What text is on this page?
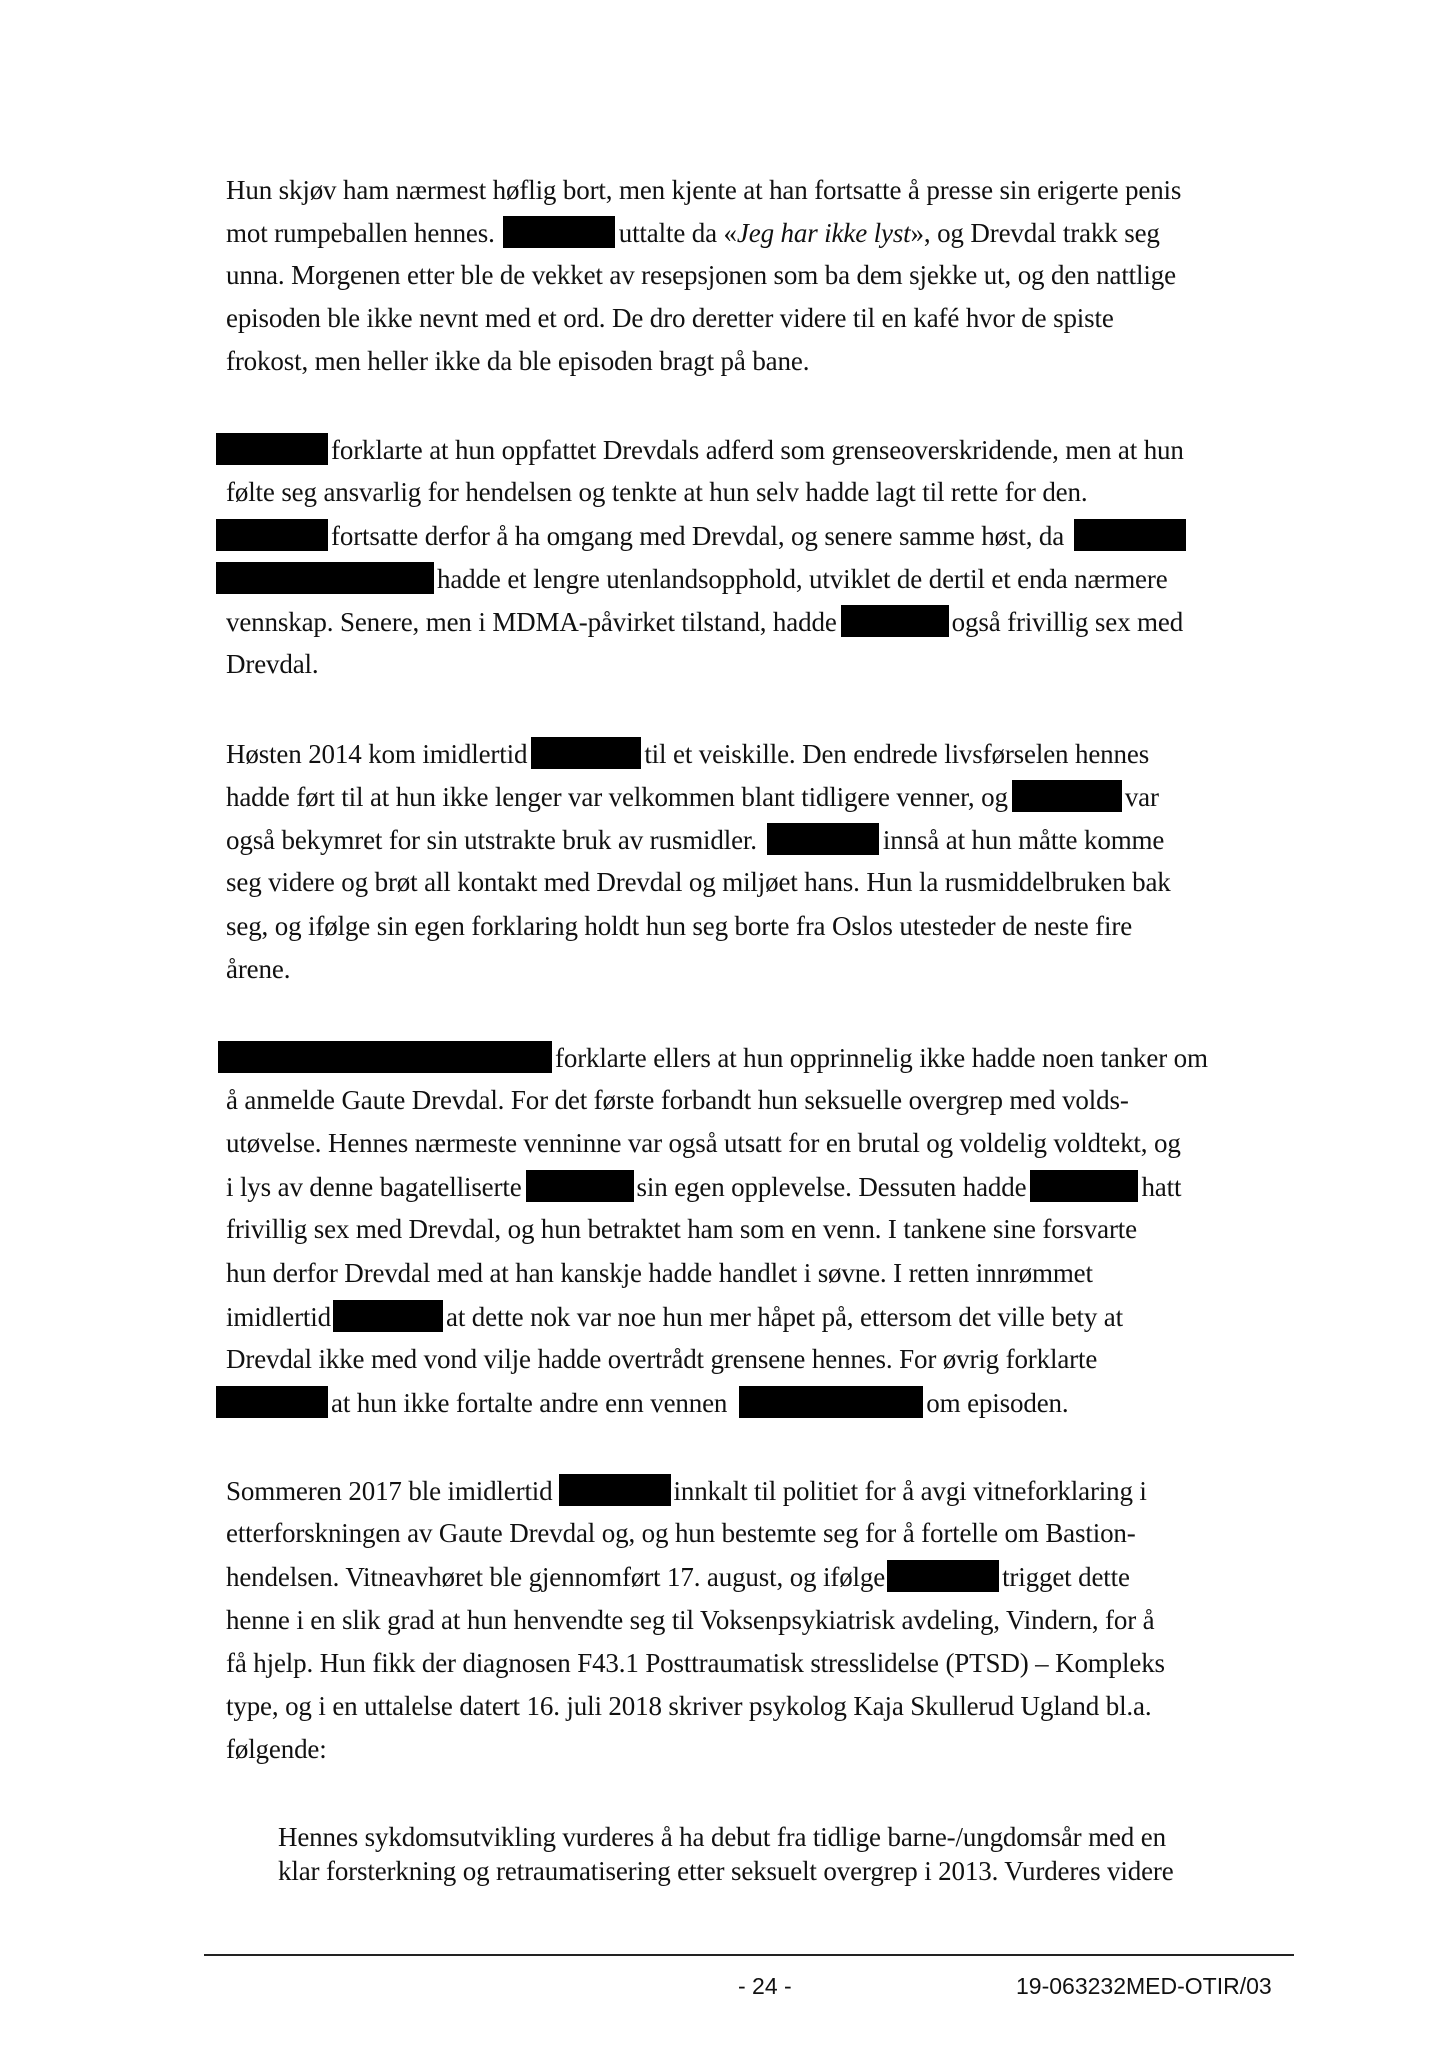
Hun skjøv ham nærmest høflig bort, men kjente at han fortsatte å presse sin erigerte penis
mot rumpeballen hennes.	uttalte da «Jeg har ikke lyst», og Drevdal trakk seg
unna. Morgenen etter ble de vekket av resepsjonen som ba dem sjekke ut, og den nattlige
episoden ble ikke nevnt med et ord. De dro deretter videre til en kafé hvor de spiste
frokost, men heller ikke da ble episoden bragt på bane.
forklarte at hun oppfattet Drevdals adferd som grenseoverskridende, men at hun
følte seg ansvarlig for hendelsen og tenkte at hun selv hadde lagt til rette for den.
fortsatte derfor å ha omgang med Drevdal, og senere samme høst, da
hadde et lengre utenlandsopphold, utviklet de dertil et enda nærmere
vennskap. Senere, men i MDMA-påvirket tilstand, hadde	også frivillig sex med
Drevdal.
Høsten 2014 kom imidlertid	til et veiskille. Den endrede livsførselen hennes
hadde ført til at hun ikke lenger var velkommen blant tidligere venner, og	var
også bekymret for sin utstrakte bruk av rusmidler.	innså at hun måtte komme
seg videre og brøt all kontakt med Drevdal og miljøet hans. Hun la rusmiddelbruken bak
seg, og ifølge sin egen forklaring holdt hun seg borte fra Oslos utesteder de neste fire
årene.
forklarte ellers at hun opprinnelig ikke hadde noen tanker om
å anmelde Gaute Drevdal. For det første forbandt hun seksuelle overgrep med volds-
utøvelse. Hennes nærmeste venninne var også utsatt for en brutal og voldelig voldtekt, og
i lys av denne bagatelliserte	sin egen opplevelse. Dessuten hadde	hatt
frivillig sex med Drevdal, og hun betraktet ham som en venn. I tankene sine forsvarte
hun derfor Drevdal med at han kanskje hadde handlet i søvne. I retten innrømmet
imidlertid	at dette nok var noe hun mer håpet på, ettersom det ville bety at
Drevdal ikke med vond vilje hadde overtrådt grensene hennes. For øvrig forklarte
at hun ikke fortalte andre enn vennen	om episoden.
Sommeren 2017 ble imidlertid	innkalt til politiet for å avgi vitneforklaring i
etterforskningen av Gaute Drevdal og, og hun bestemte seg for å fortelle om Bastion-
hendelsen. Vitneavhøret ble gjennomført 17. august, og ifølge	trigget dette
henne i en slik grad at hun henvendte seg til Voksenpsykiatrisk avdeling, Vindern, for å
få hjelp. Hun fikk der diagnosen F43.1 Posttraumatisk stresslidelse (PTSD) – Kompleks
type, og i en uttalelse datert 16. juli 2018 skriver psykolog Kaja Skullerud Ugland bl.a.
følgende:
Hennes sykdomsutvikling vurderes å ha debut fra tidlige barne-/ungdomsår med en
klar forsterkning og retraumatisering etter seksuelt overgrep i 2013. Vurderes videre
- 24 -	19-063232MED-OTIR/03
